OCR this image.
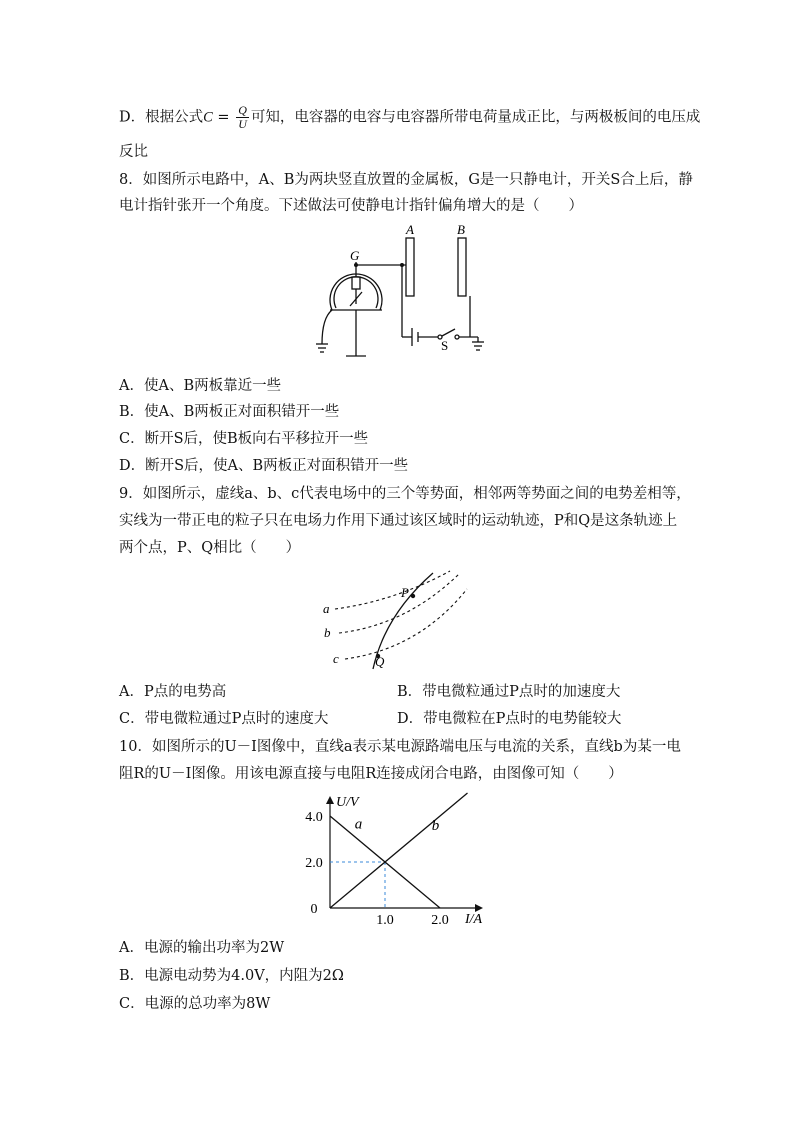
D．根据公式$C = \frac{Q}{U}$ 可知，电容器的电容与电容器所带电荷量成正比，与两极板间的电压成
反比
8．如图所示电路中，A、B为两块竖直放置的金属板，G是一只静电计，开关S合上后，静
电计指针张开一个角度。下述做法可使静电计指针偏角增大的是（　　）
G
A	B
S
A．使A、B两板靠近一些
B．使A、B两板正对面积错开一些
C．断开S后，使B板向右平移拉开一些
D．断开S后，使A、B两板正对面积错开一些
9．如图所示，虚线a、b、c代表电场中的三个等势面，相邻两等势面之间的电势差相等，
实线为一带正电的粒子只在电场力作用下通过该区域时的运动轨迹，P和Q是这条轨迹上
两个点，P、Q相比（　　）
a
b
c
P
Q
A．P点的电势高	B．带电微粒通过P点时的加速度大
C．带电微粒通过P点时的速度大	D．带电微粒在P点时的电势能较大
10．如图所示的U－I图像中，直线a表示某电源路端电压与电流的关系，直线b为某一电
阻R的U－I图像。用该电源直接与电阻R连接成闭合电路，由图像可知（　　）
U/V
I/A
a	b
0
2.0
4.0
1.0	2.0
A．电源的输出功率为2W
B．电源电动势为4.0V，内阻为2Ω
C．电源的总功率为8W
